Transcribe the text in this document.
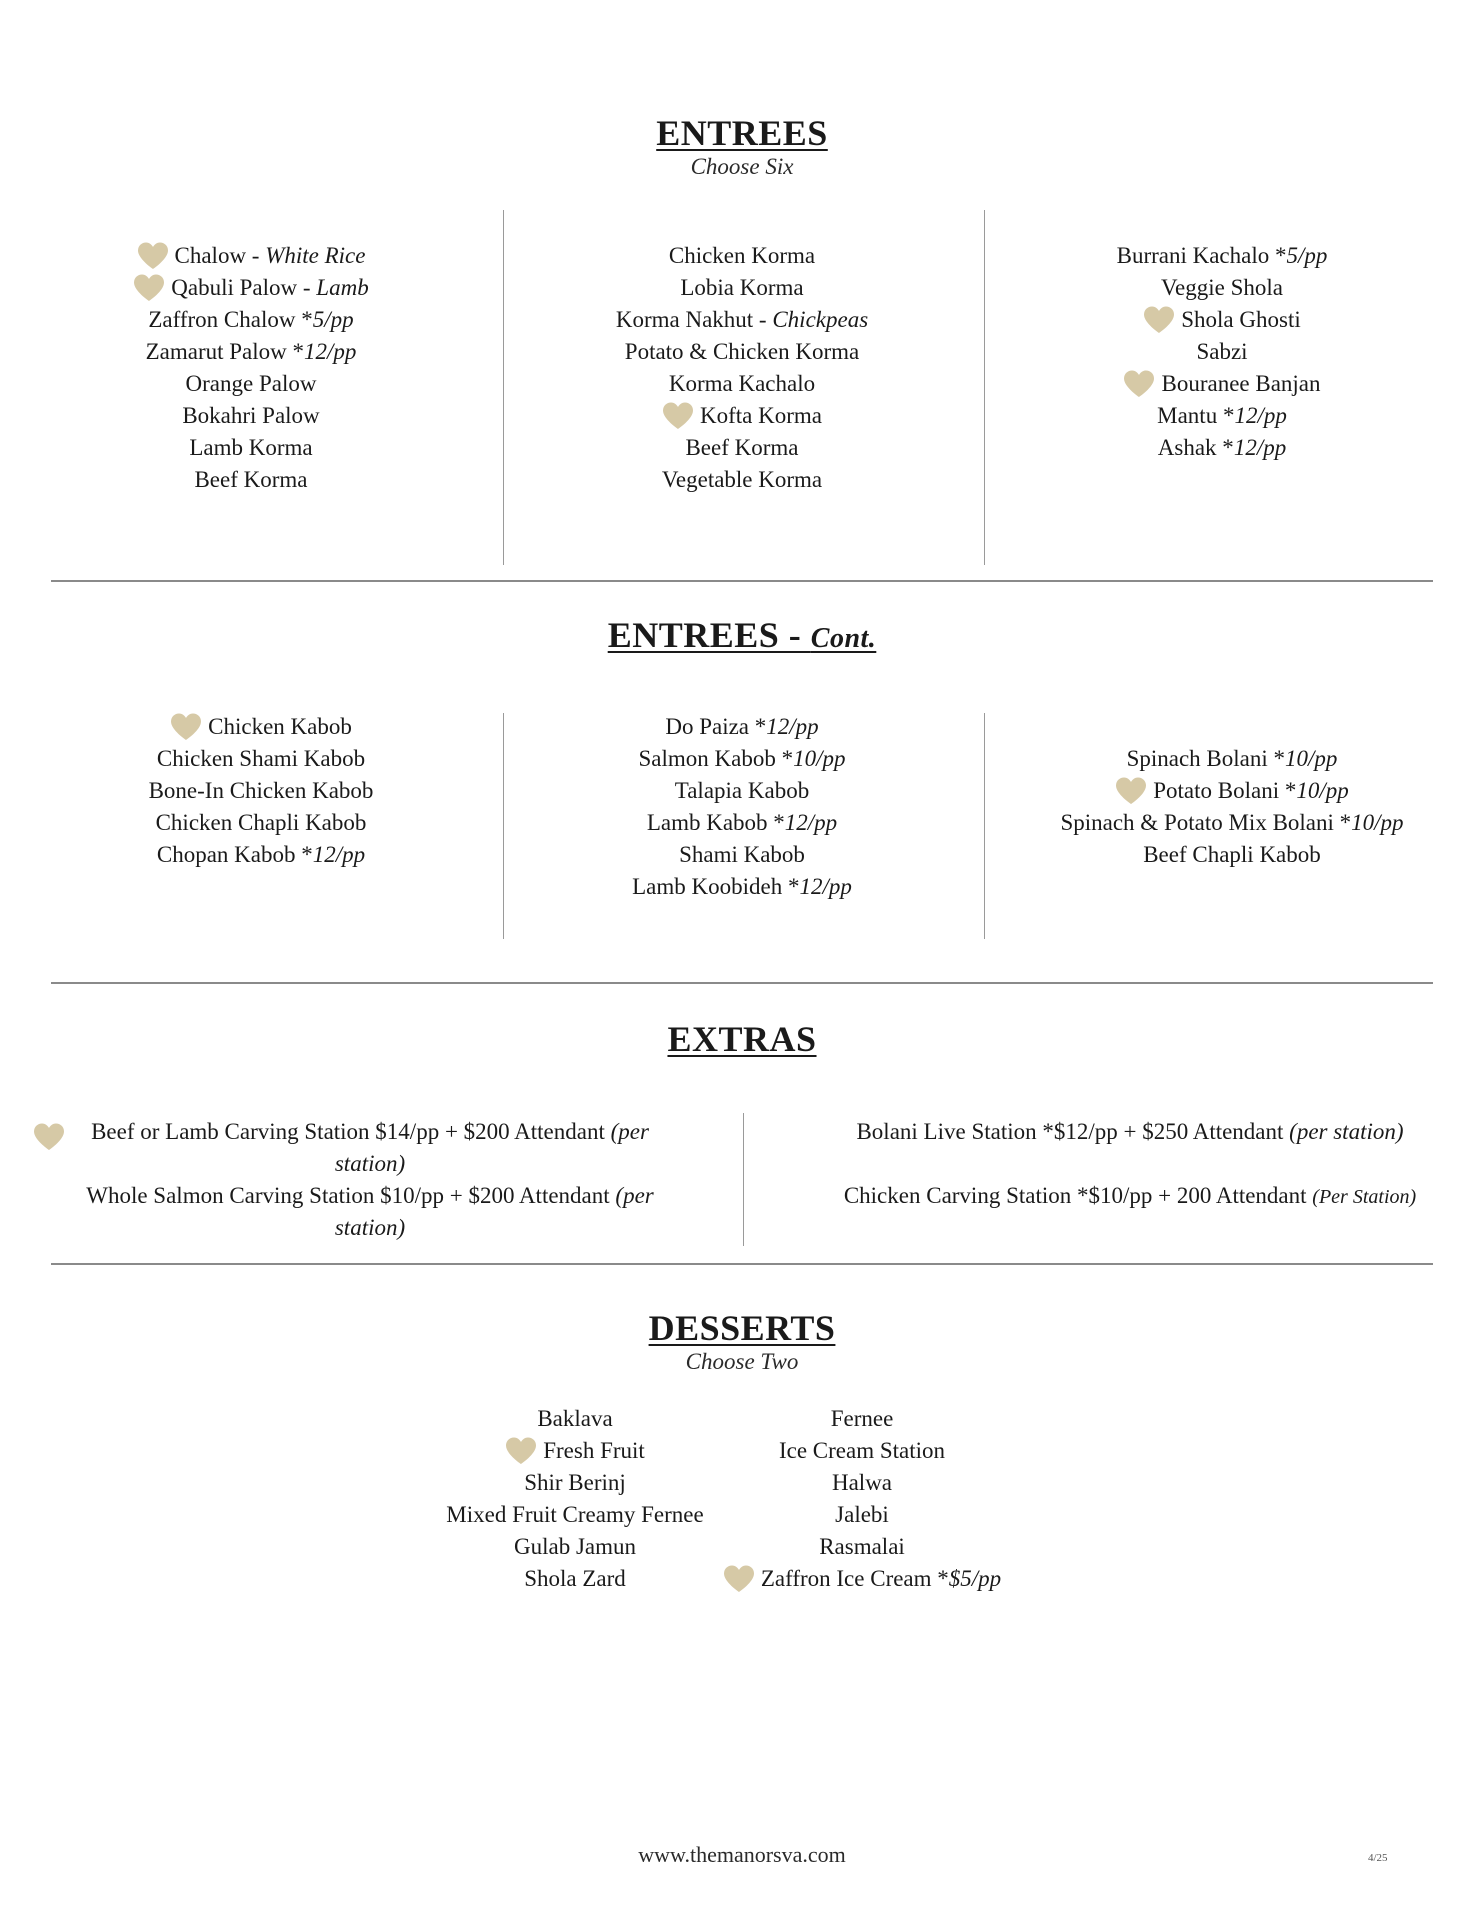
ENTREES
Choose Six
Chalow - White Rice
Qabuli Palow - Lamb
Zaffron Chalow *5/pp
Zamarut Palow *12/pp
Orange Palow
Bokahri Palow
Lamb Korma
Beef Korma
Chicken Korma
Lobia Korma
Korma Nakhut - Chickpeas
Potato & Chicken Korma
Korma Kachalo
Kofta Korma
Beef Korma
Vegetable Korma
Burrani Kachalo *5/pp
Veggie Shola
Shola Ghosti
Sabzi
Bouranee Banjan
Mantu *12/pp
Ashak *12/pp
ENTREES - Cont.
Chicken Kabob
Chicken Shami Kabob
Bone-In Chicken Kabob
Chicken Chapli Kabob
Chopan Kabob *12/pp
Do Paiza *12/pp
Salmon Kabob *10/pp
Talapia Kabob
Lamb Kabob *12/pp
Shami Kabob
Lamb Koobideh *12/pp
Spinach Bolani *10/pp
Potato Bolani *10/pp
Spinach & Potato Mix Bolani *10/pp
Beef Chapli Kabob
EXTRAS
Beef or Lamb Carving Station $14/pp + $200 Attendant (per
station)
Whole Salmon Carving Station $10/pp + $200 Attendant (per
station)
Bolani Live Station *$12/pp + $250 Attendant (per station)
Chicken Carving Station *$10/pp + 200 Attendant (Per Station)
DESSERTS
Choose Two
Baklava
Fresh Fruit
Shir Berinj
Mixed Fruit Creamy Fernee
Gulab Jamun
Shola Zard
Fernee
Ice Cream Station
Halwa
Jalebi
Rasmalai
Zaffron Ice Cream *$5/pp
www.themanorsva.com	4/25
